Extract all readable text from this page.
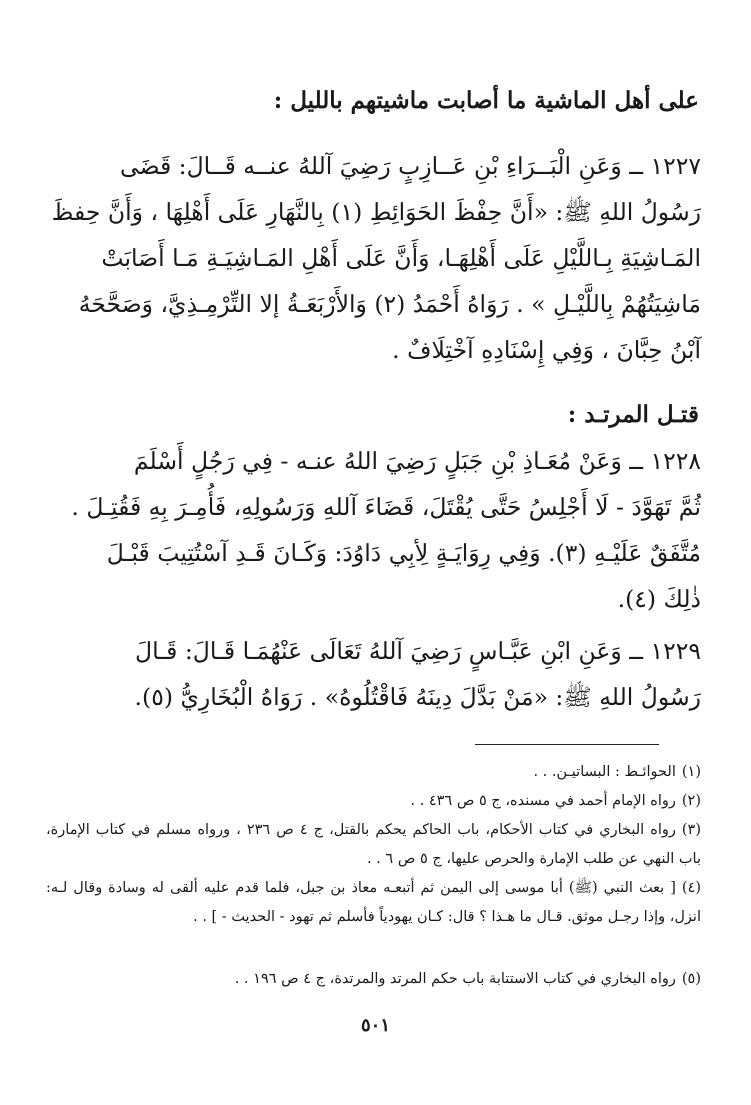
على أهل الماشية ما أصابت ماشيتهم بالليل :
١٢٢٧ ــ وَعَنِ الْبَــرَاءِ بْنِ عَــازِبٍ رَضِيَ آللهُ عنــه قَــالَ: قَضَى
رَسُولُ اللهِ ﷺ: «أَنَّ حِفْظَ الحَوَائِطِ (١) بِالنَّهَارِ عَلَى أَهْلِهَا ، وَأَنَّ حِفظَ
المَـاشِيَةِ بِـاللَّيْلِ عَلَى أَهْلِهَـا، وَأَنَّ عَلَى أَهْلِ المَـاشِيَـةِ مَـا أَصَابَتْ
مَاشِيَتُهُمْ بِاللَّيْـلِ » . رَوَاهُ أَحْمَدُ (٢) وَالأَرْبَعَـةُ إلا التِّرْمِـذِيَّ، وَصَحَّحَهُ
آبْنُ حِبَّانَ ، وَفِي إِسْنَادِهِ آخْتِلَافٌ .
قتـل المرتـد :
١٢٢٨ ــ وَعَنْ مُعَـاذِ بْنِ جَبَلٍ رَضِيَ اللهُ عنـه - فِي رَجُلٍ أَسْلَمَ
ثُمَّ تَهَوَّدَ - لَا أَجْلِسُ حَتَّى يُقْتَلَ، قَضَاءَ آللهِ وَرَسُولِهِ، فَأُمِـرَ بِهِ فَقُتِـلَ .
مُتَّفَقٌ عَلَيْـهِ (٣). وَفِي رِوَايَـةٍ لِأبِي دَاوُدَ: وَكَـانَ قَـدِ آسْتُتِيبَ قَبْـلَ
ذٰلِكَ (٤).
١٢٢٩ ــ وَعَنِ ابْنِ عَبَّـاسٍ رَضِيَ آللهُ تَعَالَى عَنْهُمَـا قَـالَ: قَـالَ
رَسُولُ اللهِ ﷺ: «مَنْ بَدَّلَ دِينَهُ فَاقْتُلُوهُ» . رَوَاهُ الْبُخَارِيُّ (٥).
(١)الحوائـط : البساتيـن. . .
(٢)رواه الإمام أحمد في مسنده، ج ٥ ص ٤٣٦ . .
(٣)رواه البخاري في كتاب الأحكام، باب الحاكم يحكم بالقتل، ج ٤ ص ٢٣٦ ، ورواه مسلم في كتاب الإمارة، باب النهي عن طلب الإمارة والحرص عليها، ج ٥ ص ٦ . .
(٤)[ بعث النبي (ﷺ) أبا موسى إلى اليمن ثم أتبعـه معاذ بن جبل، فلما قدم عليه ألقى له وسادة وقال لـه: انزل، وإذا رجـل موثق. قـال ما هـذا ؟ قال: كـان يهودياً فأسلم ثم تهود - الحديث - ] . .
(٥)رواه البخاري في كتاب الاستتابة باب حكم المرتد والمرتدة، ج ٤ ص ١٩٦ . .
٥٠١
